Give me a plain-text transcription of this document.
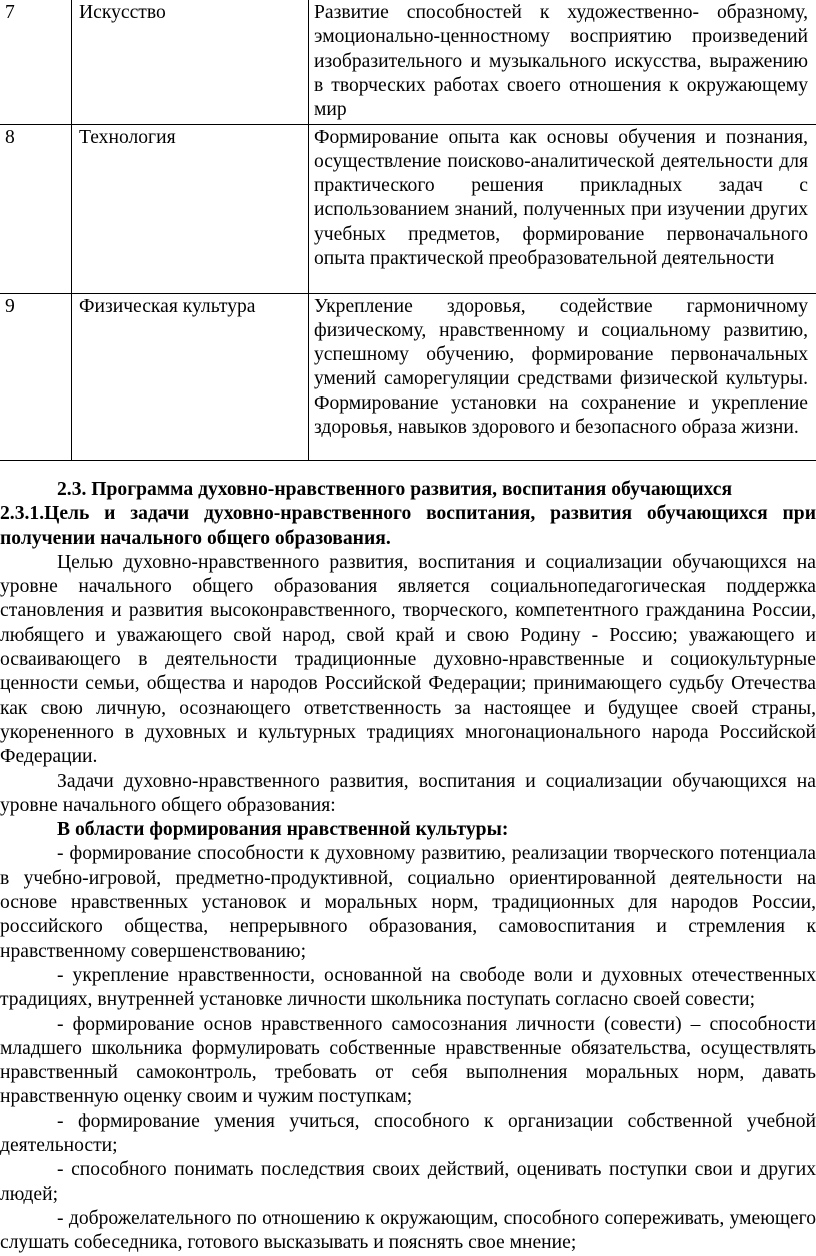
7	Искусство	Развитие способностей к художественно- образному, эмоционально-ценностному восприятию произведений изобразительного и музыкального искусства, выражению в творческих работах своего отношения к окружающему мир
8	Технология	Формирование опыта как основы обучения и познания, осуществление поисково-аналитической деятельности для практического решения прикладных задач с использованием знаний, полученных при изучении других учебных предметов, формирование первоначального опыта практической преобразовательной деятельности
9	Физическая культура	Укрепление здоровья, содействие гармоничному физическому, нравственному и социальному развитию, успешному обучению, формирование первоначальных умений саморегуляции средствами физической культуры. Формирование установки на сохранение и укрепление здоровья, навыков здорового и безопасного образа жизни.

2.3. Программа духовно-нравственного развития, воспитания обучающихся

2.3.1.Цель и задачи духовно-нравственного воспитания, развития обучающихся при получении начального общего образования.

Целью духовно-нравственного развития, воспитания и социализации обучающихся на уровне начального общего образования является социальнопедагогическая поддержка становления и развития высоконравственного, творческого, компетентного гражданина России, любящего и уважающего свой народ, свой край и свою Родину - Россию; уважающего и осваивающего в деятельности традиционные духовно-нравственные и социокультурные ценности семьи, общества и народов Российской Федерации; принимающего судьбу Отечества как свою личную, осознающего ответственность за настоящее и будущее своей страны, укорененного в духовных и культурных традициях многонационального народа Российской Федерации.

Задачи духовно-нравственного развития, воспитания и социализации обучающихся на уровне начального общего образования:

В области формирования нравственной культуры:

- формирование способности к духовному развитию, реализации творческого потенциала в учебно-игровой, предметно-продуктивной, социально ориентированной деятельности на основе нравственных установок и моральных норм, традиционных для народов России, российского общества, непрерывного образования, самовоспитания и стремления к нравственному совершенствованию;

- укрепление нравственности, основанной на свободе воли и духовных отечественных традициях, внутренней установке личности школьника поступать согласно своей совести;

- формирование основ нравственного самосознания личности (совести) – способности младшего школьника формулировать собственные нравственные обязательства, осуществлять нравственный самоконтроль, требовать от себя выполнения моральных норм, давать нравственную оценку своим и чужим поступкам;

- формирование умения учиться, способного к организации собственной учебной деятельности;

- способного понимать последствия своих действий, оценивать поступки свои и других людей;

- доброжелательного по отношению к окружающим, способного сопереживать, умеющего слушать собеседника, готового высказывать и пояснять свое мнение;
